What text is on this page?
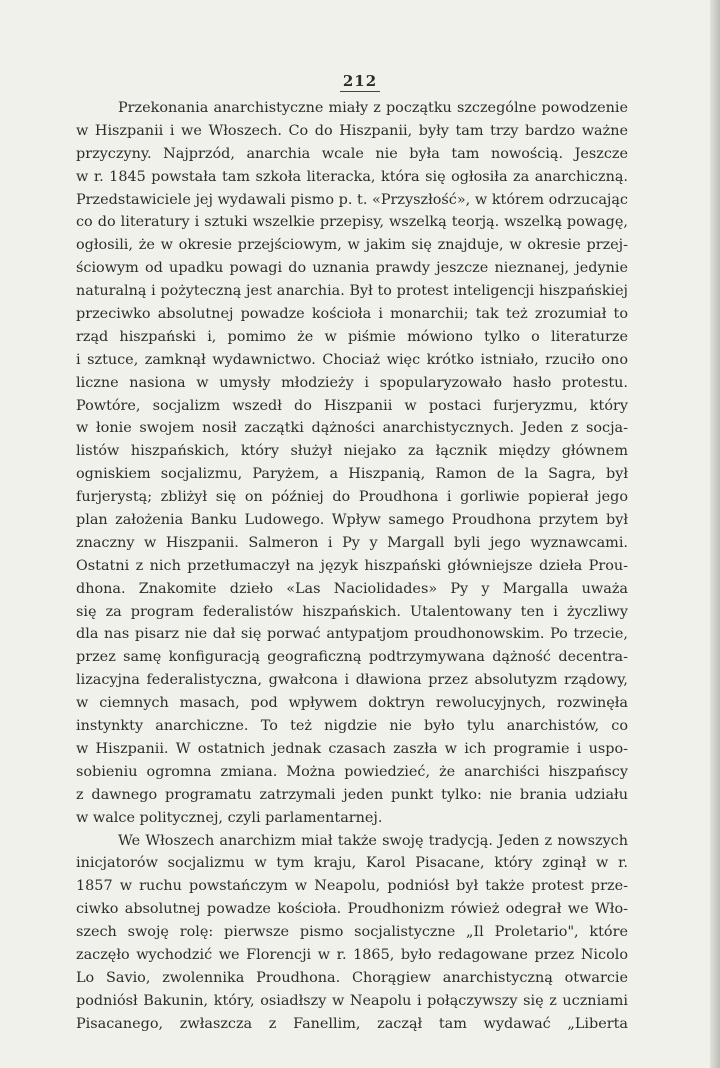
212
Przekonania anarchistyczne miały z początku szczególne powodzenie
w Hiszpanii i we Włoszech. Co do Hiszpanii, były tam trzy bardzo ważne
przyczyny. Najprzód, anarchia wcale nie była tam nowością. Jeszcze
w r. 1845 powstała tam szkoła literacka, która się ogłosiła za anarchiczną.
Przedstawiciele jej wydawali pismo p. t. «Przyszłość», w którem odrzucając
co do literatury i sztuki wszelkie przepisy, wszelką teorją. wszelką powagę,
ogłosili, że w okresie przejściowym, w jakim się znajduje, w okresie przej-
ściowym od upadku powagi do uznania prawdy jeszcze nieznanej, jedynie
naturalną i pożyteczną jest anarchia. Był to protest inteligencji hiszpańskiej
przeciwko absolutnej powadze kościoła i monarchii; tak też zrozumiał to
rząd hiszpański i, pomimo że w piśmie mówiono tylko o literaturze
i sztuce, zamknął wydawnictwo. Chociaż więc krótko istniało, rzuciło ono
liczne nasiona w umysły młodzieży i spopularyzowało hasło protestu.
Powtóre, socjalizm wszedł do Hiszpanii w postaci furjeryzmu, który
w łonie swojem nosił zaczątki dążności anarchistycznych. Jeden z socja-
listów hiszpańskich, który służył niejako za łącznik między głównem
ogniskiem socjalizmu, Paryżem, a Hiszpanią, Ramon de la Sagra, był
furjerystą; zbliżył się on później do Proudhona i gorliwie popierał jego
plan założenia Banku Ludowego. Wpływ samego Proudhona przytem był
znaczny w Hiszpanii. Salmeron i Py y Margall byli jego wyznawcami.
Ostatni z nich przetłumaczył na język hiszpański główniejsze dzieła Prou-
dhona. Znakomite dzieło «Las Naciolidades» Py y Margalla uważa
się za program federalistów hiszpańskich. Utalentowany ten i życzliwy
dla nas pisarz nie dał się porwać antypatjom proudhonowskim. Po trzecie,
przez samę konfiguracją geograficzną podtrzymywana dążność decentra-
lizacyjna federalistyczna, gwałcona i dławiona przez absolutyzm rządowy,
w ciemnych masach, pod wpływem doktryn rewolucyjnych, rozwinęła
instynkty anarchiczne. To też nigdzie nie było tylu anarchistów, co
w Hiszpanii. W ostatnich jednak czasach zaszła w ich programie i uspo-
sobieniu ogromna zmiana. Można powiedzieć, że anarchiści hiszpańscy
z dawnego programatu zatrzymali jeden punkt tylko: nie brania udziału
w walce politycznej, czyli parlamentarnej.
We Włoszech anarchizm miał także swoję tradycją. Jeden z nowszych
inicjatorów socjalizmu w tym kraju, Karol Pisacane, który zginął w r.
1857 w ruchu powstańczym w Neapolu, podniósł był także protest prze-
ciwko absolutnej powadze kościoła. Proudhonizm rówież odegrał we Wło-
szech swoję rolę: pierwsze pismo socjalistyczne „Il Proletario", które
zaczęło wychodzić we Florencji w r. 1865, było redagowane przez Nicolo
Lo Savio, zwolennika Proudhona. Chorągiew anarchistyczną otwarcie
podniósł Bakunin, który, osiadłszy w Neapolu i połączywszy się z uczniami
Pisacanego, zwłaszcza z Fanellim, zaczął tam wydawać „Liberta
